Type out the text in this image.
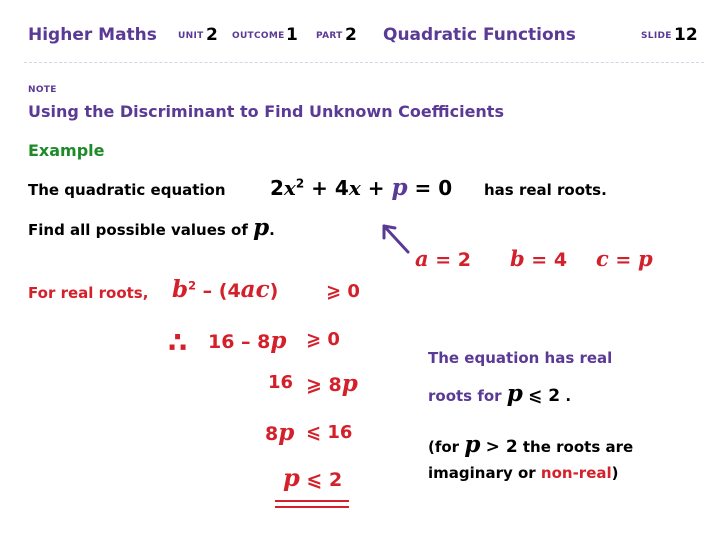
Higher Maths UNIT 2 OUTCOME 1 PART 2 Quadratic Functions	SLIDE 12
NOTE
Using the Discriminant to Find Unknown Coefficients
Example
The quadratic equation $2x^2 + 4x + p = 0$ has real roots.
Find all possible values of p.
a = 2 b = 4 c = p
For real roots, $b^2 - (4ac)$	⩾ 0
∴ 16 – 8p ⩾ 0
16 ⩾ 8p
8p ⩽ 16
p ⩽ 2
The equation has real
roots for p ⩽ 2 .
(for p > 2 the roots are
imaginary or non-real)
